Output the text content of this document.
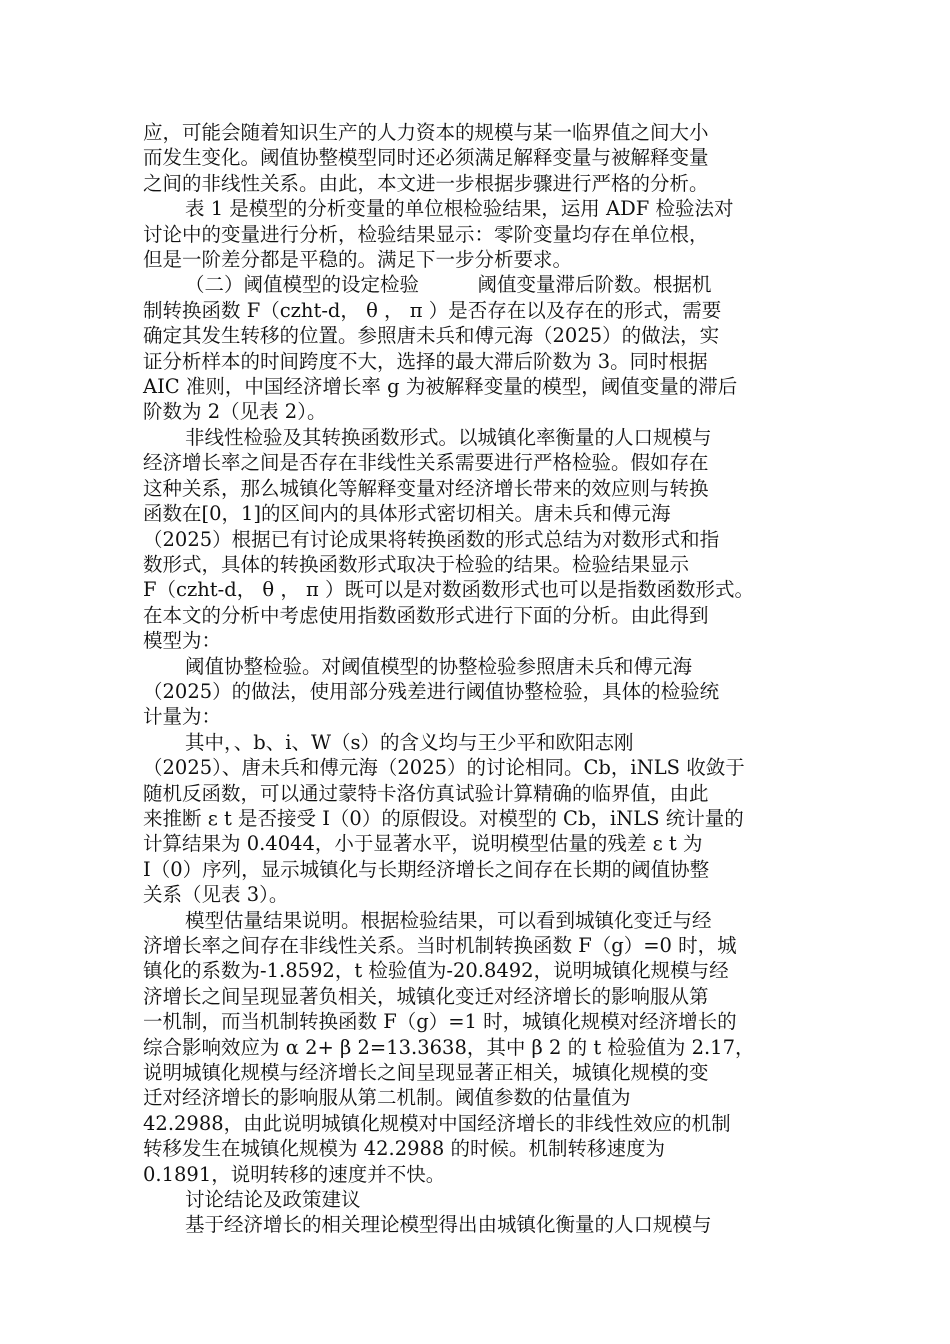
应，可能会随着知识生产的人力资本的规模与某一临界值之间大小
而发生变化。阈值协整模型同时还必须满足解释变量与被解释变量
之间的非线性关系。由此，本文进一步根据步骤进行严格的分析。
表 1 是模型的分析变量的单位根检验结果，运用 ADF 检验法对
讨论中的变量进行分析，检验结果显示：零阶变量均存在单位根，
但是一阶差分都是平稳的。满足下一步分析要求。
（二）阈值模型的设定检验　　　阈值变量滞后阶数。根据机
制转换函数 F（czht-d， θ ， π ）是否存在以及存在的形式，需要
确定其发生转移的位置。参照唐未兵和傅元海（2025）的做法，实
证分析样本的时间跨度不大，选择的最大滞后阶数为 3。同时根据
AIC 准则，中国经济增长率 g 为被解释变量的模型，阈值变量的滞后
阶数为 2（见表 2）。
非线性检验及其转换函数形式。以城镇化率衡量的人口规模与
经济增长率之间是否存在非线性关系需要进行严格检验。假如存在
这种关系，那么城镇化等解释变量对经济增长带来的效应则与转换
函数在[0，1]的区间内的具体形式密切相关。唐未兵和傅元海
（2025）根据已有讨论成果将转换函数的形式总结为对数形式和指
数形式，具体的转换函数形式取决于检验的结果。检验结果显示
F（czht-d， θ ， π ）既可以是对数函数形式也可以是指数函数形式。
在本文的分析中考虑使用指数函数形式进行下面的分析。由此得到
模型为：
阈值协整检验。对阈值模型的协整检验参照唐未兵和傅元海
（2025）的做法，使用部分残差进行阈值协整检验，具体的检验统
计量为：
其中，、b、i、W（s）的含义均与王少平和欧阳志刚
（2025）、唐未兵和傅元海（2025）的讨论相同。Cb，iNLS 收敛于
随机反函数，可以通过蒙特卡洛仿真试验计算精确的临界值，由此
来推断 ε t 是否接受 I（0）的原假设。对模型的 Cb，iNLS 统计量的
计算结果为 0.4044，小于显著水平，说明模型估量的残差 ε t 为
I（0）序列，显示城镇化与长期经济增长之间存在长期的阈值协整
关系（见表 3）。
模型估量结果说明。根据检验结果，可以看到城镇化变迁与经
济增长率之间存在非线性关系。当时机制转换函数 F（g）=0 时，城
镇化的系数为-1.8592，t 检验值为-20.8492，说明城镇化规模与经
济增长之间呈现显著负相关，城镇化变迁对经济增长的影响服从第
一机制，而当机制转换函数 F（g）=1 时，城镇化规模对经济增长的
综合影响效应为 α 2+ β 2=13.3638，其中 β 2 的 t 检验值为 2.17，
说明城镇化规模与经济增长之间呈现显著正相关，城镇化规模的变
迁对经济增长的影响服从第二机制。阈值参数的估量值为
42.2988，由此说明城镇化规模对中国经济增长的非线性效应的机制
转移发生在城镇化规模为 42.2988 的时候。机制转移速度为
0.1891，说明转移的速度并不快。
讨论结论及政策建议
基于经济增长的相关理论模型得出由城镇化衡量的人口规模与
